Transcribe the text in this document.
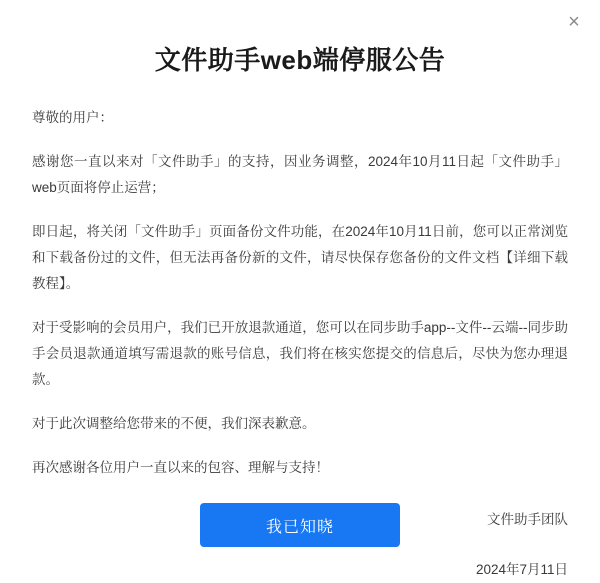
×
文件助手web端停服公告

尊敬的用户：

感谢您一直以来对「文件助手」的支持，因业务调整，2024年10月11日起「文件助手」web页面将停止运营；

即日起，将关闭「文件助手」页面备份文件功能，在2024年10月11日前，您可以正常浏览和下载备份过的文件，但无法再备份新的文件，请尽快保存您备份的文件文档【详细下载教程】。

对于受影响的会员用户，我们已开放退款通道，您可以在同步助手app--文件--云端--同步助手会员退款通道填写需退款的账号信息，我们将在核实您提交的信息后，尽快为您办理退款。

对于此次调整给您带来的不便，我们深表歉意。

再次感谢各位用户一直以来的包容、理解与支持！

文件助手团队

2024年7月11日

我已知晓
